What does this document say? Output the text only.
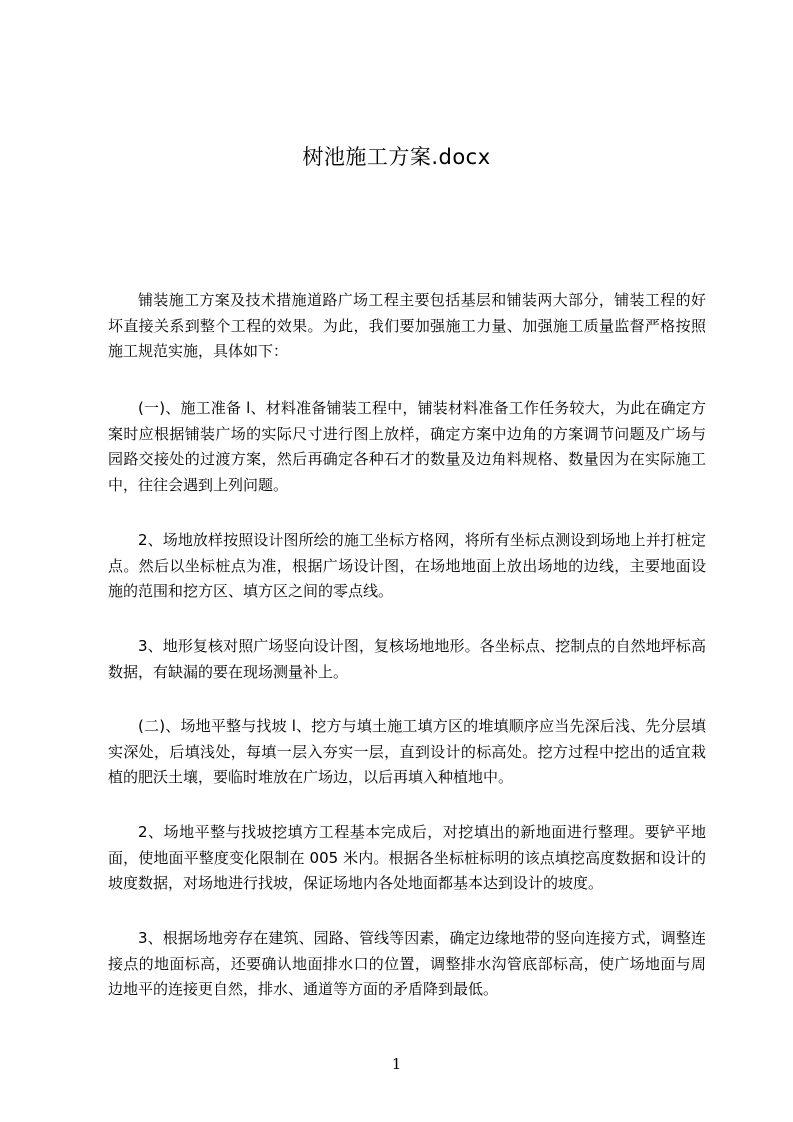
树池施工方案.docx

铺装施工方案及技术措施道路广场工程主要包括基层和铺装两大部分，铺装工程的好坏直接关系到整个工程的效果。为此，我们要加强施工力量、加强施工质量监督严格按照施工规范实施，具体如下：

(一)、施工准备 l、材料准备铺装工程中，铺装材料准备工作任务较大，为此在确定方案时应根据铺装广场的实际尺寸进行图上放样，确定方案中边角的方案调节问题及广场与园路交接处的过渡方案，然后再确定各种石才的数量及边角料规格、数量因为在实际施工中，往往会遇到上列问题。

2、场地放样按照设计图所绘的施工坐标方格网，将所有坐标点测设到场地上并打桩定点。然后以坐标桩点为准，根据广场设计图，在场地地面上放出场地的边线，主要地面设施的范围和挖方区、填方区之间的零点线。

3、地形复核对照广场竖向设计图，复核场地地形。各坐标点、挖制点的自然地坪标高数据，有缺漏的要在现场测量补上。

(二)、场地平整与找坡 l、挖方与填土施工填方区的堆填顺序应当先深后浅、先分层填实深处，后填浅处，每填一层入夯实一层，直到设计的标高处。挖方过程中挖出的适宜栽植的肥沃土壤，要临时堆放在广场边，以后再填入种植地中。

2、场地平整与找坡挖填方工程基本完成后，对挖填出的新地面进行整理。要铲平地面，使地面平整度变化限制在 005 米内。根据各坐标桩标明的该点填挖高度数据和设计的坡度数据，对场地进行找坡，保证场地内各处地面都基本达到设计的坡度。

3、根据场地旁存在建筑、园路、管线等因素，确定边缘地带的竖向连接方式，调整连接点的地面标高，还要确认地面排水口的位置，调整排水沟管底部标高，使广场地面与周边地平的连接更自然，排水、通道等方面的矛盾降到最低。

1
